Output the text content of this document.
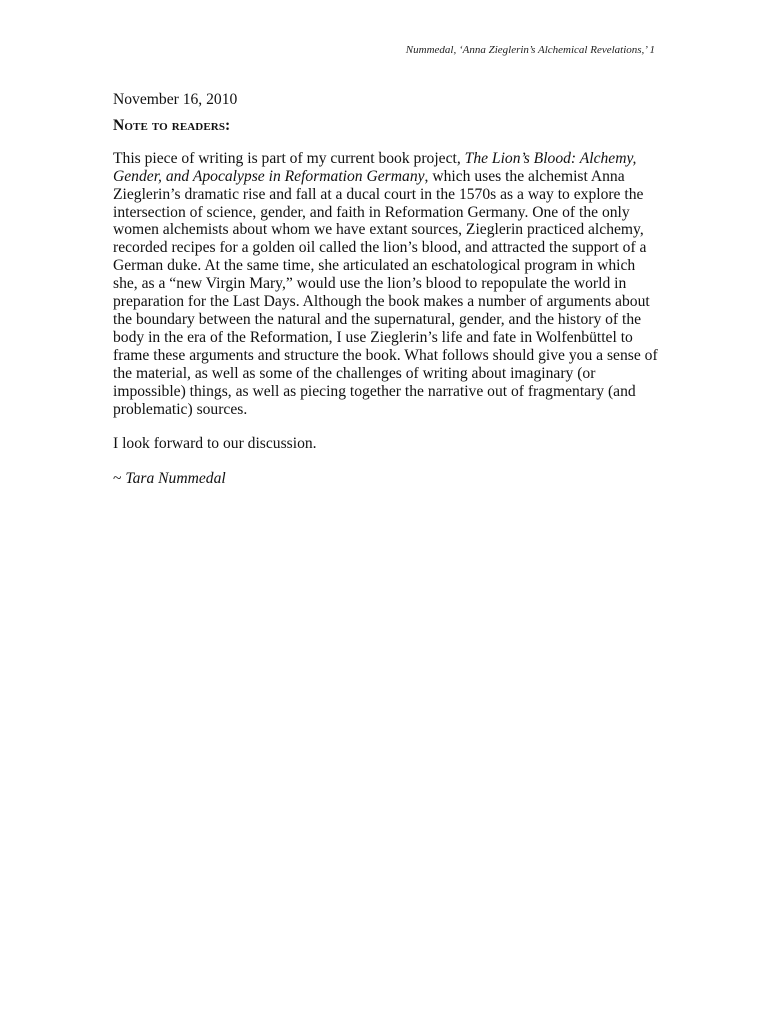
Nummedal, ‘Anna Zieglerin’s Alchemical Revelations,’ 1

November 16, 2010

Note to readers:

This piece of writing is part of my current book project, The Lion’s Blood: Alchemy, Gender, and Apocalypse in Reformation Germany, which uses the alchemist Anna Zieglerin’s dramatic rise and fall at a ducal court in the 1570s as a way to explore the intersection of science, gender, and faith in Reformation Germany. One of the only women alchemists about whom we have extant sources, Zieglerin practiced alchemy, recorded recipes for a golden oil called the lion’s blood, and attracted the support of a German duke. At the same time, she articulated an eschatological program in which she, as a “new Virgin Mary,” would use the lion’s blood to repopulate the world in preparation for the Last Days. Although the book makes a number of arguments about the boundary between the natural and the supernatural, gender, and the history of the body in the era of the Reformation, I use Zieglerin’s life and fate in Wolfenbüttel to frame these arguments and structure the book. What follows should give you a sense of the material, as well as some of the challenges of writing about imaginary (or impossible) things, as well as piecing together the narrative out of fragmentary (and problematic) sources.

I look forward to our discussion.

~ Tara Nummedal
